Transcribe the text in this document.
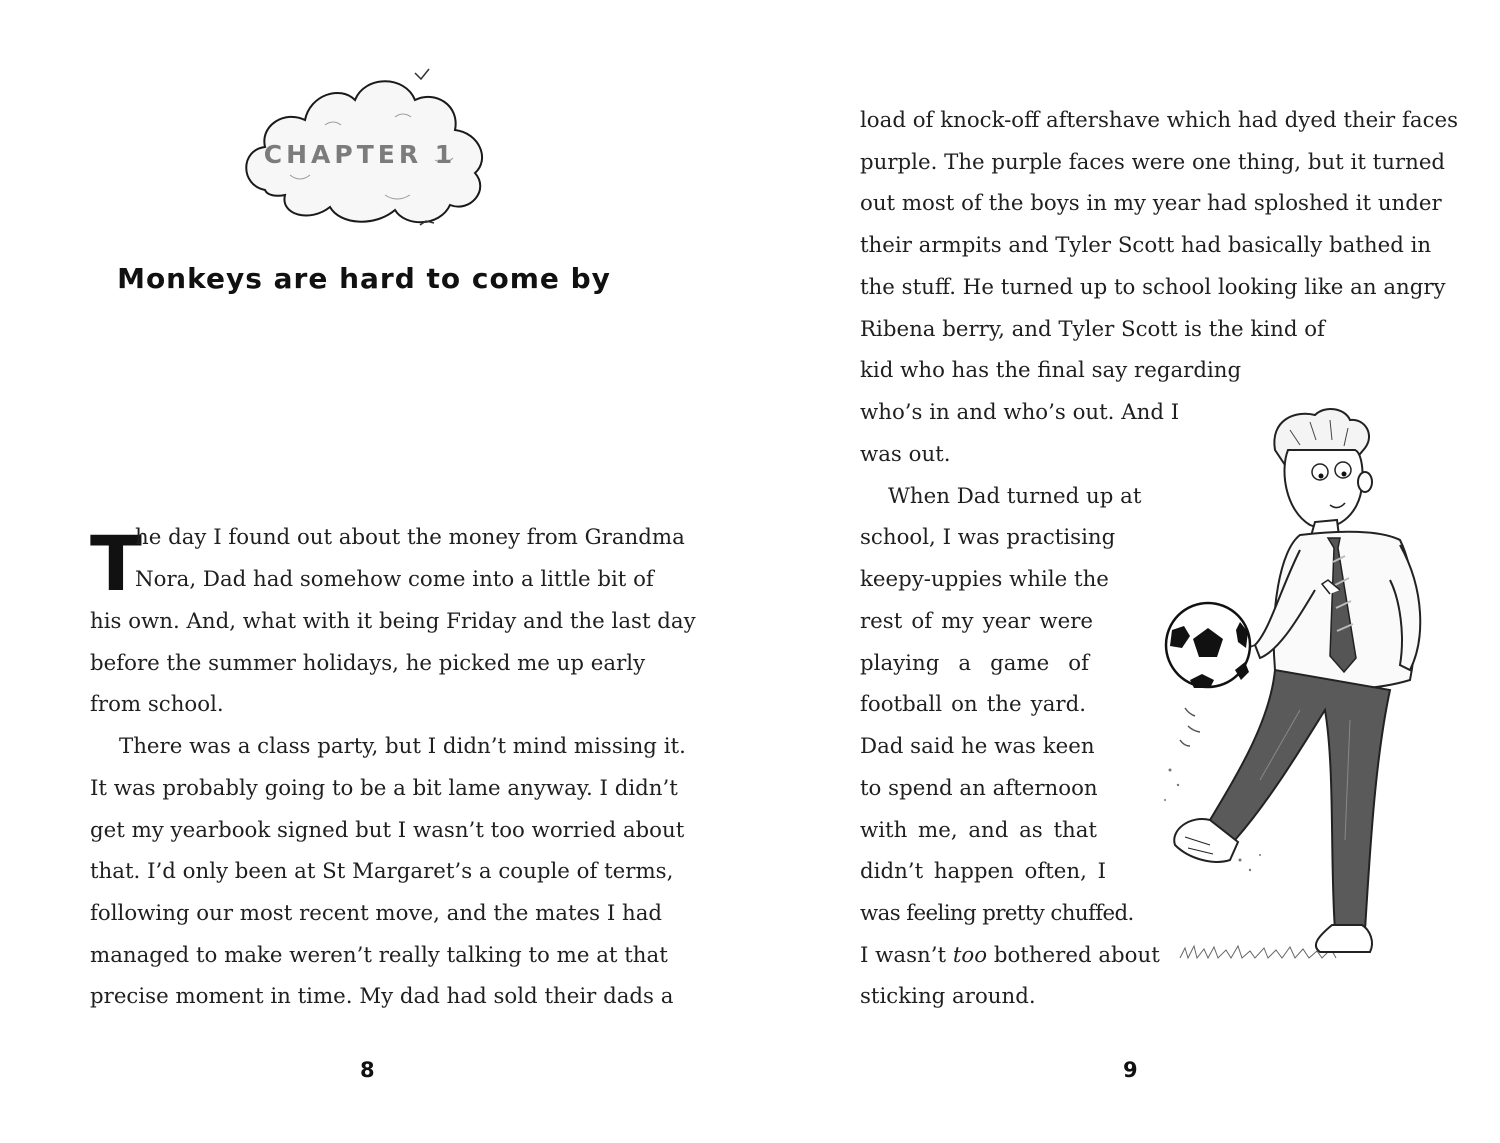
CHAPTER 1
Monkeys are hard to come by
T
he day I found out about the money from Grandma
Nora, Dad had somehow come into a little bit of
his own. And, what with it being Friday and the last day
before the summer holidays, he picked me up early
from school.
There was a class party, but I didn’t mind missing it.
It was probably going to be a bit lame anyway. I didn’t
get my yearbook signed but I wasn’t too worried about
that. I’d only been at St Margaret’s a couple of terms,
following our most recent move, and the mates I had
managed to make weren’t really talking to me at that
precise moment in time. My dad had sold their dads a
8
load of knock-off aftershave which had dyed their faces
purple. The purple faces were one thing, but it turned
out most of the boys in my year had sploshed it under
their armpits and Tyler Scott had basically bathed in
the stuff. He turned up to school looking like an angry
Ribena berry, and Tyler Scott is the kind of
kid who has the final say regarding
who’s in and who’s out. And I
was out.
When Dad turned up at
school, I was practising
keepy-uppies while the
rest of my year were
playing a game of
football on the yard.
Dad said he was keen
to spend an afternoon
with me, and as that
didn’t happen often, I
was feeling pretty chuffed.
I wasn’t too bothered about
sticking around.
9
